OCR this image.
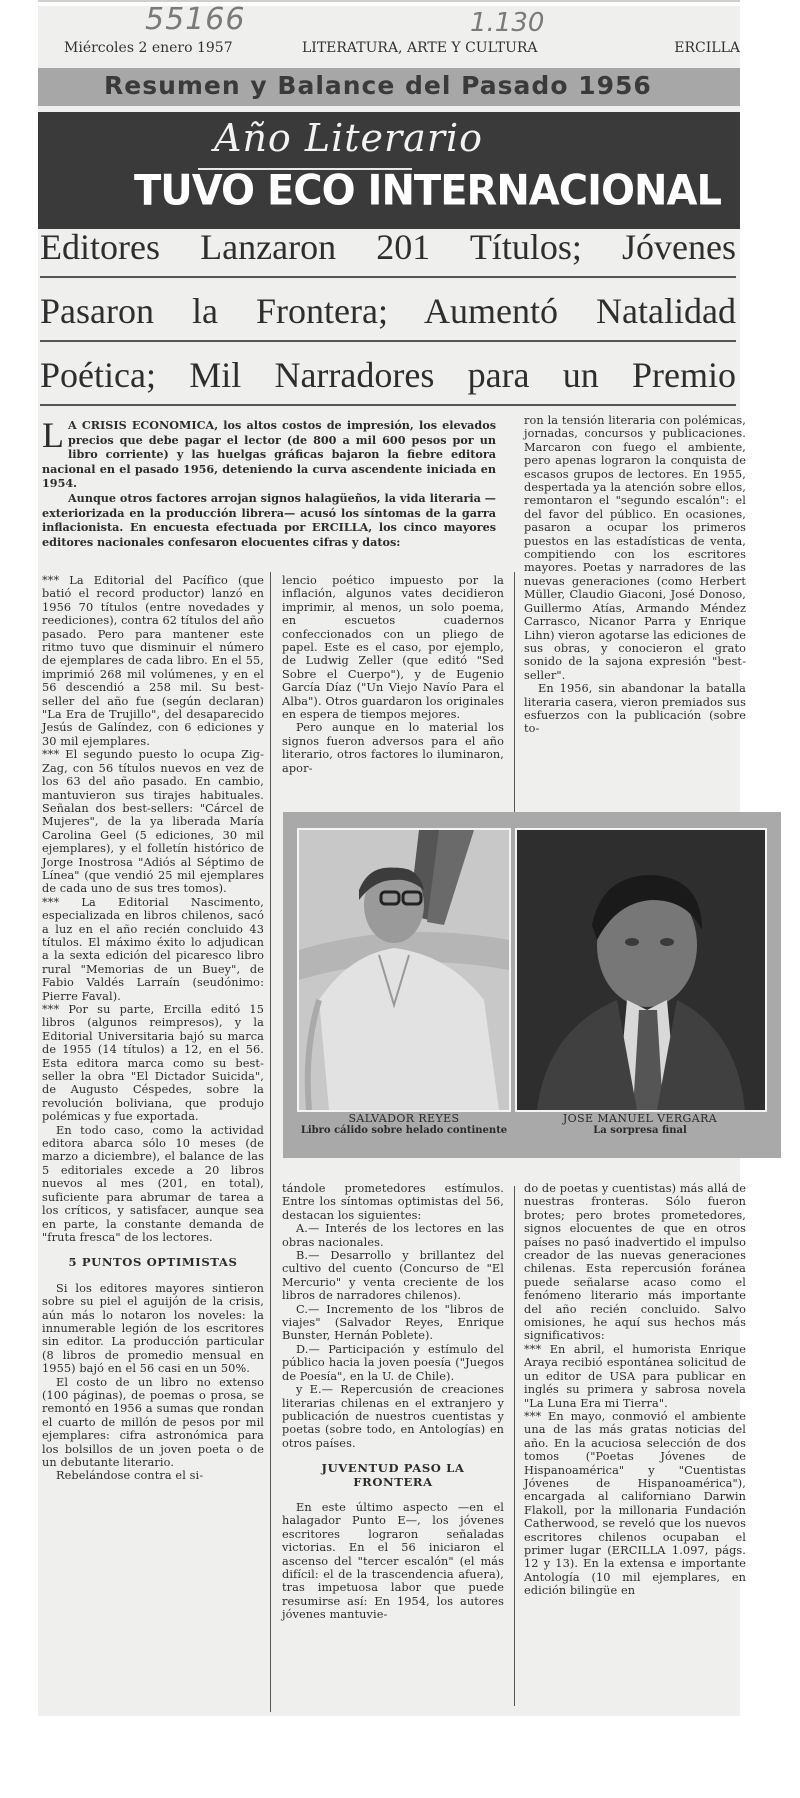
55166	1.130
Miércoles 2 enero 1957	LITERATURA, ARTE Y CULTURA	ERCILLA
Resumen y Balance del Pasado 1956
Año Literario
TUVO ECO INTERNACIONAL
Editores Lanzaron 201 Títulos; Jóvenes
Pasaron la Frontera; Aumentó Natalidad
Poética; Mil Narradores para un Premio

L A CRISIS ECONOMICA, los altos costos de impresión, los elevados precios que debe pagar el lector (de 800 a mil 600 pesos por un libro corriente) y las huelgas gráficas bajaron la fiebre editora nacional en el pasado 1956, deteniendo la curva ascendente iniciada en 1954.

Aunque otros factores arrojan signos halagüeños, la vida literaria —exteriorizada en la producción librera— acusó los síntomas de la garra inflacionista. En encuesta efectuada por ERCILLA, los cinco mayores editores nacionales confesaron elocuentes cifras y datos:

*** La Editorial del Pacífico (que batió el record productor) lanzó en 1956 70 títulos (entre novedades y reediciones), contra 62 títulos del año pasado. Pero para mantener este ritmo tuvo que disminuir el número de ejemplares de cada libro. En el 55, imprimió 268 mil volúmenes, y en el 56 descendió a 258 mil. Su best-seller del año fue (según declaran) "La Era de Trujillo", del desaparecido Jesús de Galíndez, con 6 ediciones y 30 mil ejemplares.

*** El segundo puesto lo ocupa Zig-Zag, con 56 títulos nuevos en vez de los 63 del año pasado. En cambio, mantuvieron sus tirajes habituales. Señalan dos best-sellers: "Cárcel de Mujeres", de la ya liberada María Carolina Geel (5 ediciones, 30 mil ejemplares), y el folletín histórico de Jorge Inostrosa "Adiós al Séptimo de Línea" (que vendió 25 mil ejemplares de cada uno de sus tres tomos).

*** La Editorial Nascimento, especializada en libros chilenos, sacó a luz en el año recién concluido 43 títulos. El máximo éxito lo adjudican a la sexta edición del picaresco libro rural "Memorias de un Buey", de Fabio Valdés Larraín (seudónimo: Pierre Faval).

*** Por su parte, Ercilla editó 15 libros (algunos reimpresos), y la Editorial Universitaria bajó su marca de 1955 (14 títulos) a 12, en el 56. Esta editora marca como su best-seller la obra "El Dictador Suicida", de Augusto Céspedes, sobre la revolución boliviana, que produjo polémicas y fue exportada.

En todo caso, como la actividad editora abarca sólo 10 meses (de marzo a diciembre), el balance de las 5 editoriales excede a 20 libros nuevos al mes (201, en total), suficiente para abrumar de tarea a los críticos, y satisfacer, aunque sea en parte, la constante demanda de "fruta fresca" de los lectores.

5 PUNTOS OPTIMISTAS

Si los editores mayores sintieron sobre su piel el aguijón de la crisis, aún más lo notaron los noveles: la innumerable legión de los escritores sin editor. La producción particular (8 libros de promedio mensual en 1955) bajó en el 56 casi en un 50%.

El costo de un libro no extenso (100 páginas), de poemas o prosa, se remontó en 1956 a sumas que rondan el cuarto de millón de pesos por mil ejemplares: cifra astronómica para los bolsillos de un joven poeta o de un debutante literario.

Rebelándose contra el si-

lencio poético impuesto por la inflación, algunos vates decidieron imprimir, al menos, un solo poema, en escuetos cuadernos confeccionados con un pliego de papel. Este es el caso, por ejemplo, de Ludwig Zeller (que editó "Sed Sobre el Cuerpo"), y de Eugenio García Díaz ("Un Viejo Navío Para el Alba"). Otros guardaron los originales en espera de tiempos mejores.

Pero aunque en lo material los signos fueron adversos para el año literario, otros factores lo iluminaron, apor-

ron la tensión literaria con polémicas, jornadas, concursos y publicaciones. Marcaron con fuego el ambiente, pero apenas lograron la conquista de escasos grupos de lectores. En 1955, despertada ya la atención sobre ellos, remontaron el "segundo escalón": el del favor del público. En ocasiones, pasaron a ocupar los primeros puestos en las estadísticas de venta, compitiendo con los escritores mayores. Poetas y narradores de las nuevas generaciones (como Herbert Müller, Claudio Giaconi, José Donoso, Guillermo Atías, Armando Méndez Carrasco, Nicanor Parra y Enrique Lihn) vieron agotarse las ediciones de sus obras, y conocieron el grato sonido de la sajona expresión "best-seller".

En 1956, sin abandonar la batalla literaria casera, vieron premiados sus esfuerzos con la publicación (sobre to-

SALVADOR REYES
Libro cálido sobre helado continente
JOSE MANUEL VERGARA
La sorpresa final

tándole prometedores estímulos. Entre los síntomas optimistas del 56, destacan los siguientes:

A.— Interés de los lectores en las obras nacionales.

B.— Desarrollo y brillantez del cultivo del cuento (Concurso de "El Mercurio" y venta creciente de los libros de narradores chilenos).

C.— Incremento de los "libros de viajes" (Salvador Reyes, Enrique Bunster, Hernán Poblete).

D.— Participación y estímulo del público hacia la joven poesía ("Juegos de Poesía", en la U. de Chile).

y E.— Repercusión de creaciones literarias chilenas en el extranjero y publicación de nuestros cuentistas y poetas (sobre todo, en Antologías) en otros países.

JUVENTUD PASO LA FRONTERA

En este último aspecto —en el halagador Punto E—, los jóvenes escritores lograron señaladas victorias. En el 56 iniciaron el ascenso del "tercer escalón" (el más difícil: el de la trascendencia afuera), tras impetuosa labor que puede resumirse así: En 1954, los autores jóvenes mantuvie-

do de poetas y cuentistas) más allá de nuestras fronteras. Sólo fueron brotes; pero brotes prometedores, signos elocuentes de que en otros países no pasó inadvertido el impulso creador de las nuevas generaciones chilenas. Esta repercusión foránea puede señalarse acaso como el fenómeno literario más importante del año recién concluido. Salvo omisiones, he aquí sus hechos más significativos:

*** En abril, el humorista Enrique Araya recibió espontánea solicitud de un editor de USA para publicar en inglés su primera y sabrosa novela "La Luna Era mi Tierra".

*** En mayo, conmovió el ambiente una de las más gratas noticias del año. En la acuciosa selección de dos tomos ("Poetas Jóvenes de Hispanoamérica" y "Cuentistas Jóvenes de Hispanoamérica"), encargada al californiano Darwin Flakoll, por la millonaria Fundación Catherwood, se reveló que los nuevos escritores chilenos ocupaban el primer lugar (ERCILLA 1.097, págs. 12 y 13). En la extensa e importante Antología (10 mil ejemplares, en edición bilingüe en
